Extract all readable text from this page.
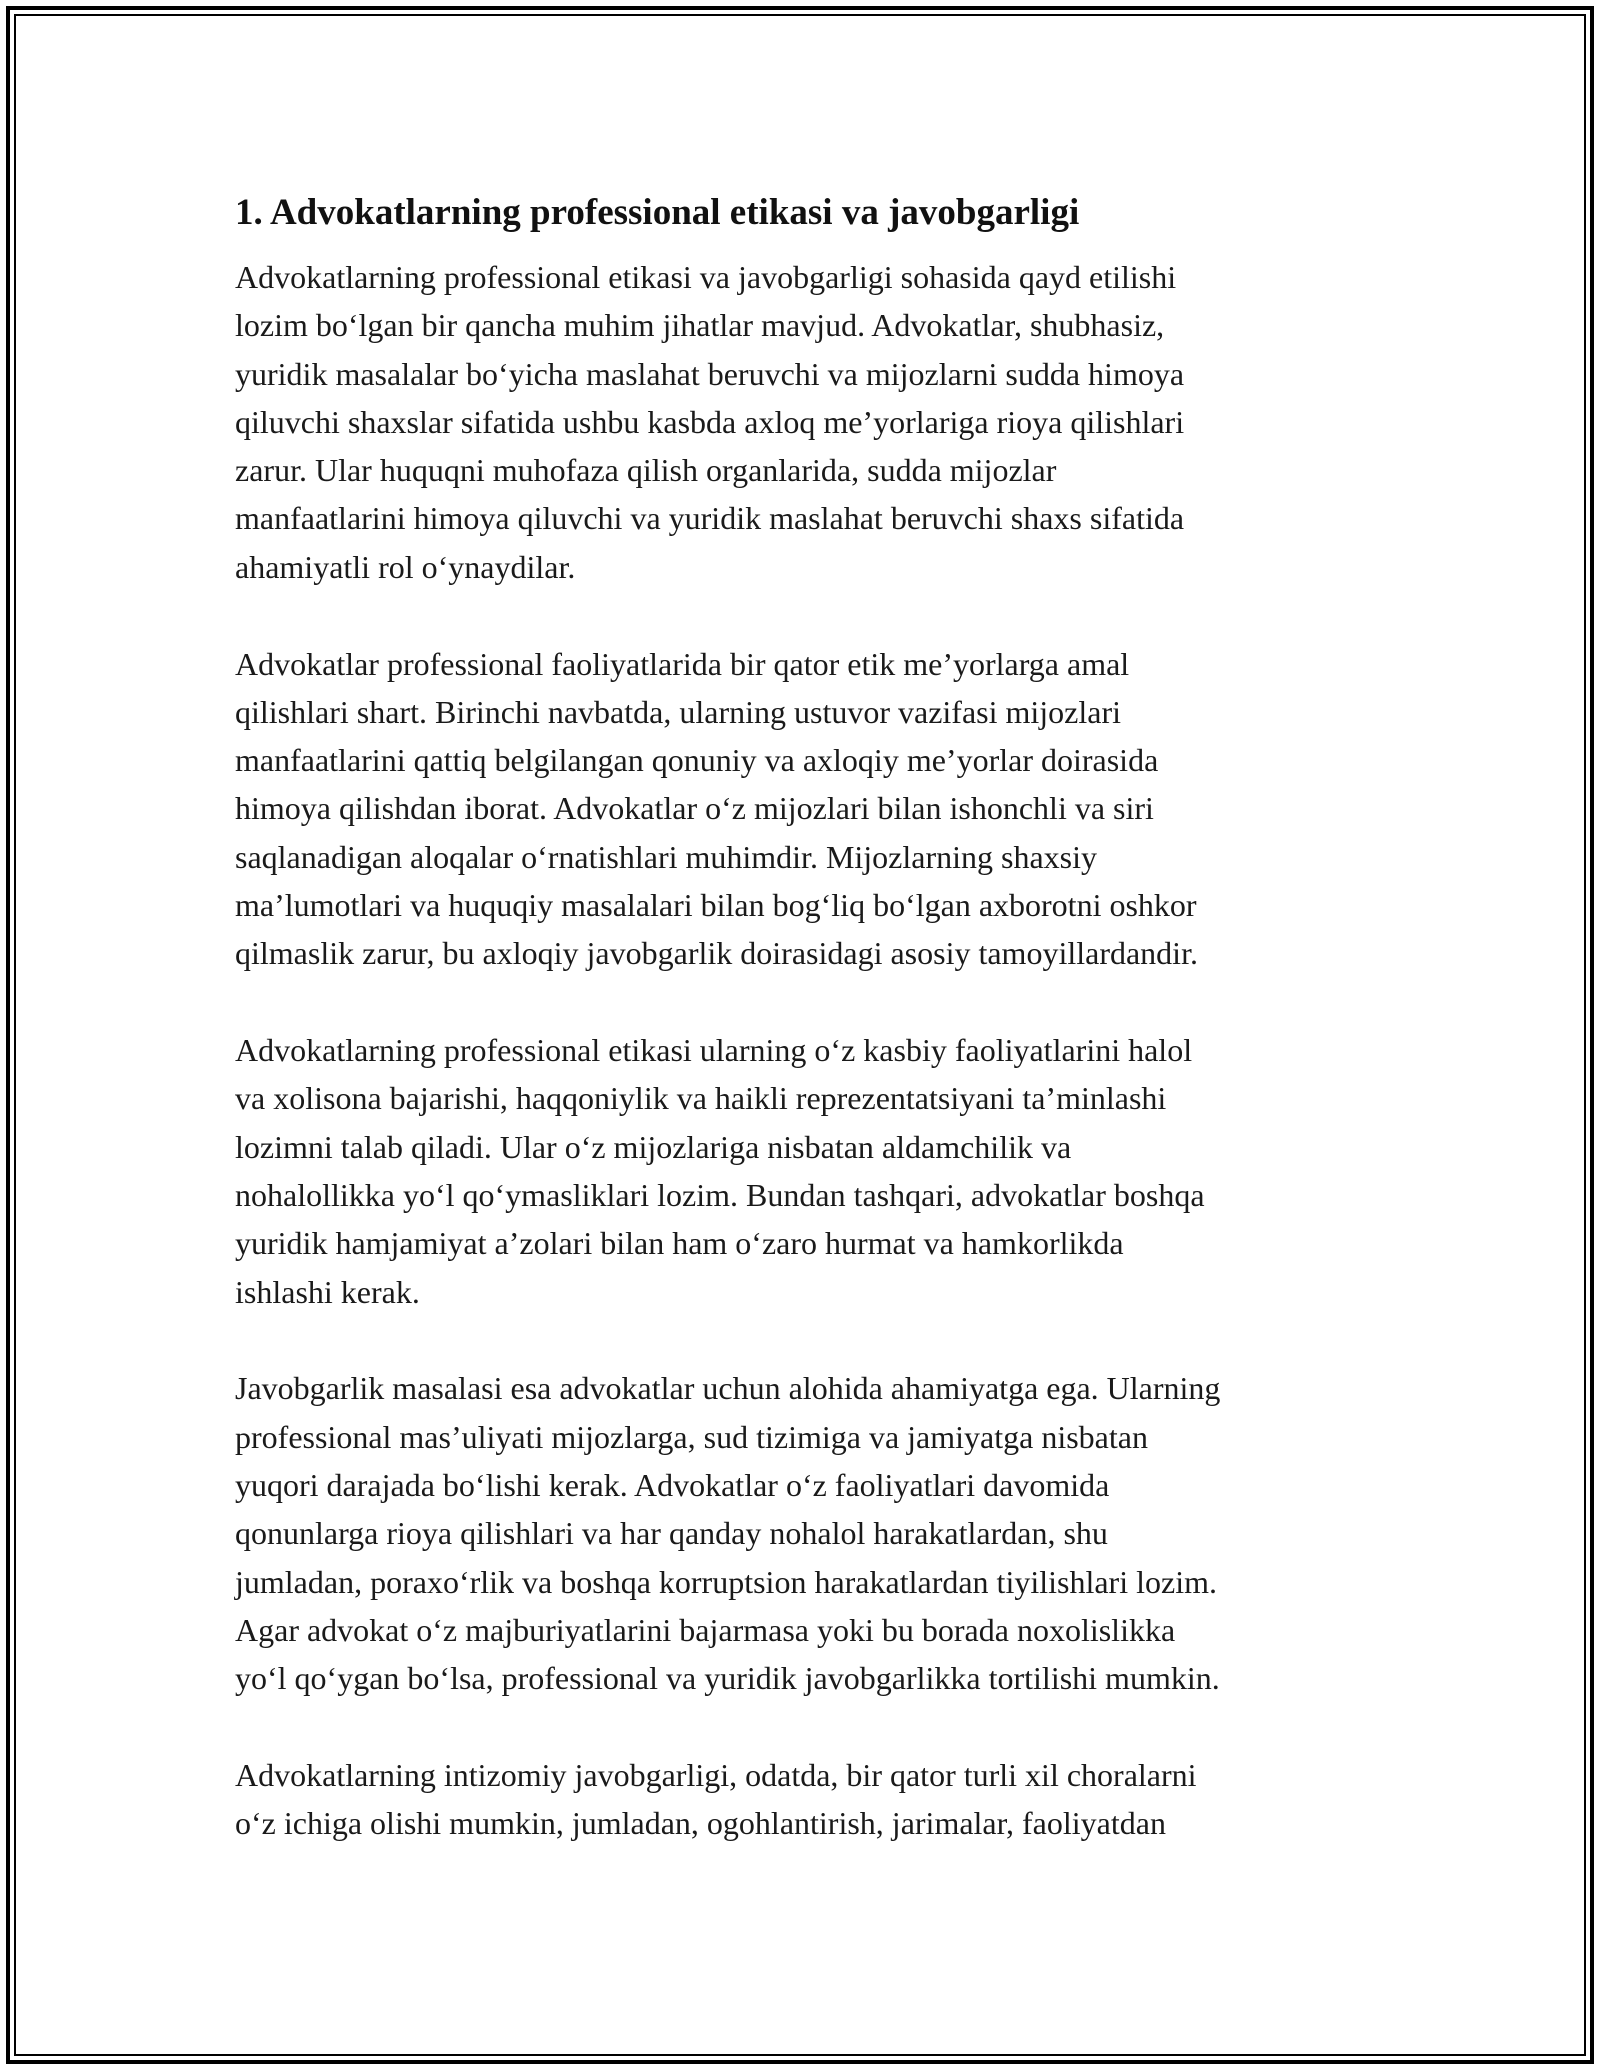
1. Advokatlarning professional etikasi va javobgarligi

Advokatlarning professional etikasi va javobgarligi sohasida qayd etilishi
lozim bo‘lgan bir qancha muhim jihatlar mavjud. Advokatlar, shubhasiz,
yuridik masalalar bo‘yicha maslahat beruvchi va mijozlarni sudda himoya
qiluvchi shaxslar sifatida ushbu kasbda axloq me’yorlariga rioya qilishlari
zarur. Ular huquqni muhofaza qilish organlarida, sudda mijozlar
manfaatlarini himoya qiluvchi va yuridik maslahat beruvchi shaxs sifatida
ahamiyatli rol o‘ynaydilar.

Advokatlar professional faoliyatlarida bir qator etik me’yorlarga amal
qilishlari shart. Birinchi navbatda, ularning ustuvor vazifasi mijozlari
manfaatlarini qattiq belgilangan qonuniy va axloqiy me’yorlar doirasida
himoya qilishdan iborat. Advokatlar o‘z mijozlari bilan ishonchli va siri
saqlanadigan aloqalar o‘rnatishlari muhimdir. Mijozlarning shaxsiy
ma’lumotlari va huquqiy masalalari bilan bog‘liq bo‘lgan axborotni oshkor
qilmaslik zarur, bu axloqiy javobgarlik doirasidagi asosiy tamoyillardandir.

Advokatlarning professional etikasi ularning o‘z kasbiy faoliyatlarini halol
va xolisona bajarishi, haqqoniylik va haikli reprezentatsiyani ta’minlashi
lozimni talab qiladi. Ular o‘z mijozlariga nisbatan aldamchilik va
nohalollikka yo‘l qo‘ymasliklari lozim. Bundan tashqari, advokatlar boshqa
yuridik hamjamiyat a’zolari bilan ham o‘zaro hurmat va hamkorlikda
ishlashi kerak.

Javobgarlik masalasi esa advokatlar uchun alohida ahamiyatga ega. Ularning
professional mas’uliyati mijozlarga, sud tizimiga va jamiyatga nisbatan
yuqori darajada bo‘lishi kerak. Advokatlar o‘z faoliyatlari davomida
qonunlarga rioya qilishlari va har qanday nohalol harakatlardan, shu
jumladan, poraxo‘rlik va boshqa korruptsion harakatlardan tiyilishlari lozim.
Agar advokat o‘z majburiyatlarini bajarmasa yoki bu borada noxolislikka
yo‘l qo‘ygan bo‘lsa, professional va yuridik javobgarlikka tortilishi mumkin.

Advokatlarning intizomiy javobgarligi, odatda, bir qator turli xil choralarni
o‘z ichiga olishi mumkin, jumladan, ogohlantirish, jarimalar, faoliyatdan
